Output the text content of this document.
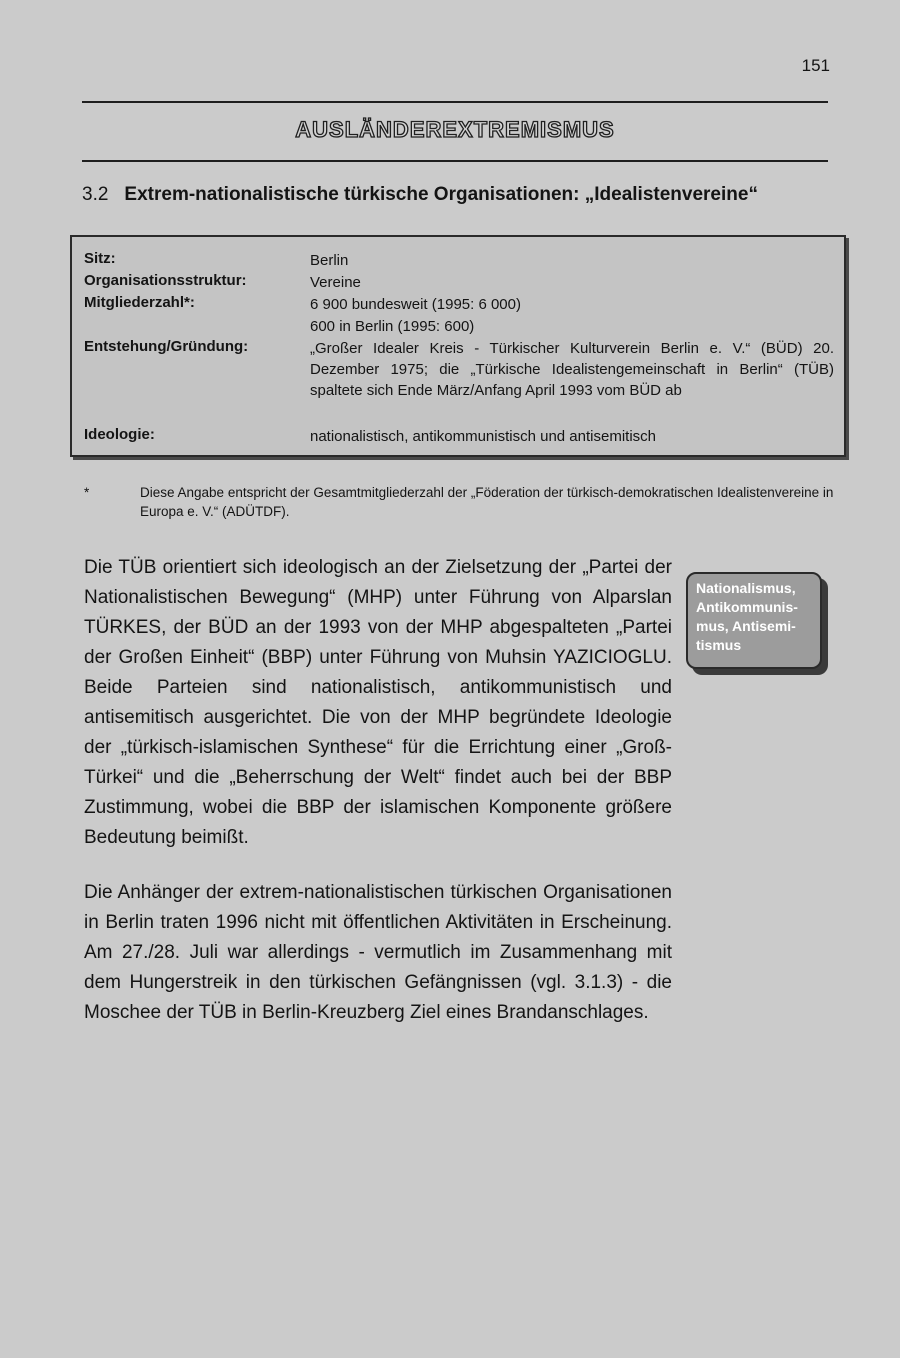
151
AUSLÄNDEREXTREMISMUS
3.2 Extrem-nationalistische türkische Organisationen: „Idealistenvereine“
Sitz:	Berlin
Organisationsstruktur:	Vereine
Mitgliederzahl*:	6 900 bundesweit (1995: 6 000)
600 in Berlin (1995: 600)
Entstehung/Gründung:	„Großer Idealer Kreis - Türkischer Kulturverein Berlin e. V.“ (BÜD) 20. Dezember 1975; die „Türkische Idealistengemeinschaft in Berlin“ (TÜB) spaltete sich Ende März/Anfang April 1993 vom BÜD ab
Ideologie:	nationalistisch, antikommunistisch und antisemitisch
*	Diese Angabe entspricht der Gesamtmitgliederzahl der „Föderation der türkisch-demokratischen Idealistenvereine in Europa e. V.“ (ADÜTDF).
Die TÜB orientiert sich ideologisch an der Zielsetzung der „Partei der Nationalistischen Bewegung“ (MHP) unter Führung von Alparslan TÜRKES, der BÜD an der 1993 von der MHP abgespalteten „Partei der Großen Einheit“ (BBP) unter Führung von Muhsin YAZICIOGLU. Beide Parteien sind nationalistisch, antikommunistisch und antisemitisch ausgerichtet. Die von der MHP begründete Ideologie der „türkisch-islamischen Synthese“ für die Errichtung einer „Groß-Türkei“ und die „Beherrschung der Welt“ findet auch bei der BBP Zustimmung, wobei die BBP der islamischen Komponente größere Bedeutung beimißt.
Nationalismus, Antikommunis-mus, Antisemi-tismus
Die Anhänger der extrem-nationalistischen türkischen Organisationen in Berlin traten 1996 nicht mit öffentlichen Aktivitäten in Erscheinung. Am 27./28. Juli war allerdings - vermutlich im Zusammenhang mit dem Hungerstreik in den türkischen Gefängnissen (vgl. 3.1.3) - die Moschee der TÜB in Berlin-Kreuzberg Ziel eines Brandanschlages.
